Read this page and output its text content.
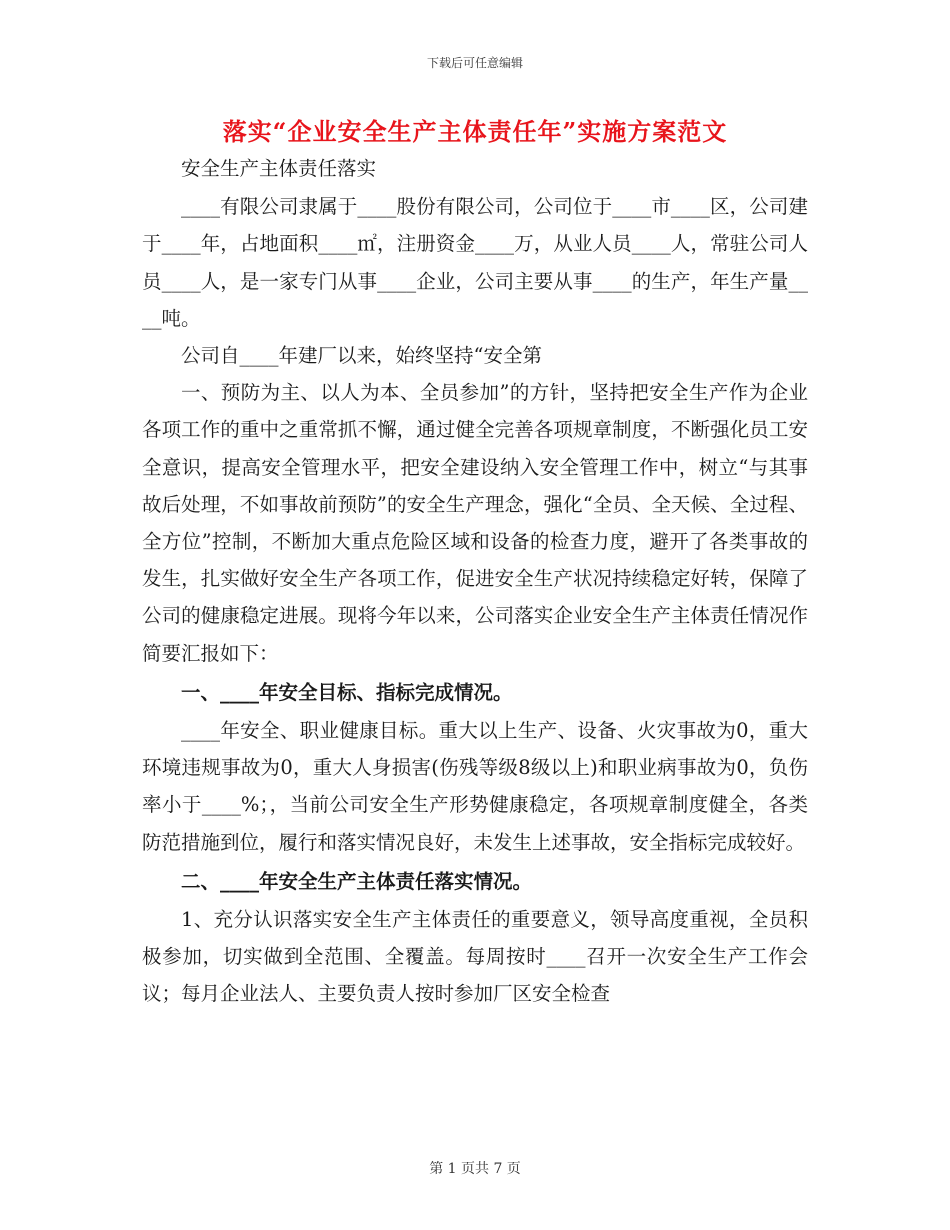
下载后可任意编辑
落实“企业安全生产主体责任年”实施方案范文

安全生产主体责任落实

____有限公司隶属于____股份有限公司，公司位于____市____区，公司建于____年，占地面积____㎡，注册资金____万，从业人员____人，常驻公司人员____人，是一家专门从事____企业，公司主要从事____的生产，年生产量____吨。

公司自____年建厂以来，始终坚持“安全第

一、预防为主、以人为本、全员参加”的方针，坚持把安全生产作为企业各项工作的重中之重常抓不懈，通过健全完善各项规章制度，不断强化员工安全意识，提高安全管理水平，把安全建设纳入安全管理工作中，树立“与其事故后处理，不如事故前预防”的安全生产理念，强化“全员、全天候、全过程、全方位”控制，不断加大重点危险区域和设备的检查力度，避开了各类事故的发生，扎实做好安全生产各项工作，促进安全生产状况持续稳定好转，保障了公司的健康稳定进展。现将今年以来，公司落实企业安全生产主体责任情况作简要汇报如下：

一、____年安全目标、指标完成情况。

____年安全、职业健康目标。重大以上生产、设备、火灾事故为0，重大环境违规事故为0，重大人身损害(伤残等级8级以上)和职业病事故为0，负伤率小于____%；，当前公司安全生产形势健康稳定，各项规章制度健全，各类防范措施到位，履行和落实情况良好，未发生上述事故，安全指标完成较好。

二、____年安全生产主体责任落实情况。

1、充分认识落实安全生产主体责任的重要意义，领导高度重视，全员积极参加，切实做到全范围、全覆盖。每周按时____召开一次安全生产工作会议；每月企业法人、主要负责人按时参加厂区安全检查

第 1 页共 7 页
